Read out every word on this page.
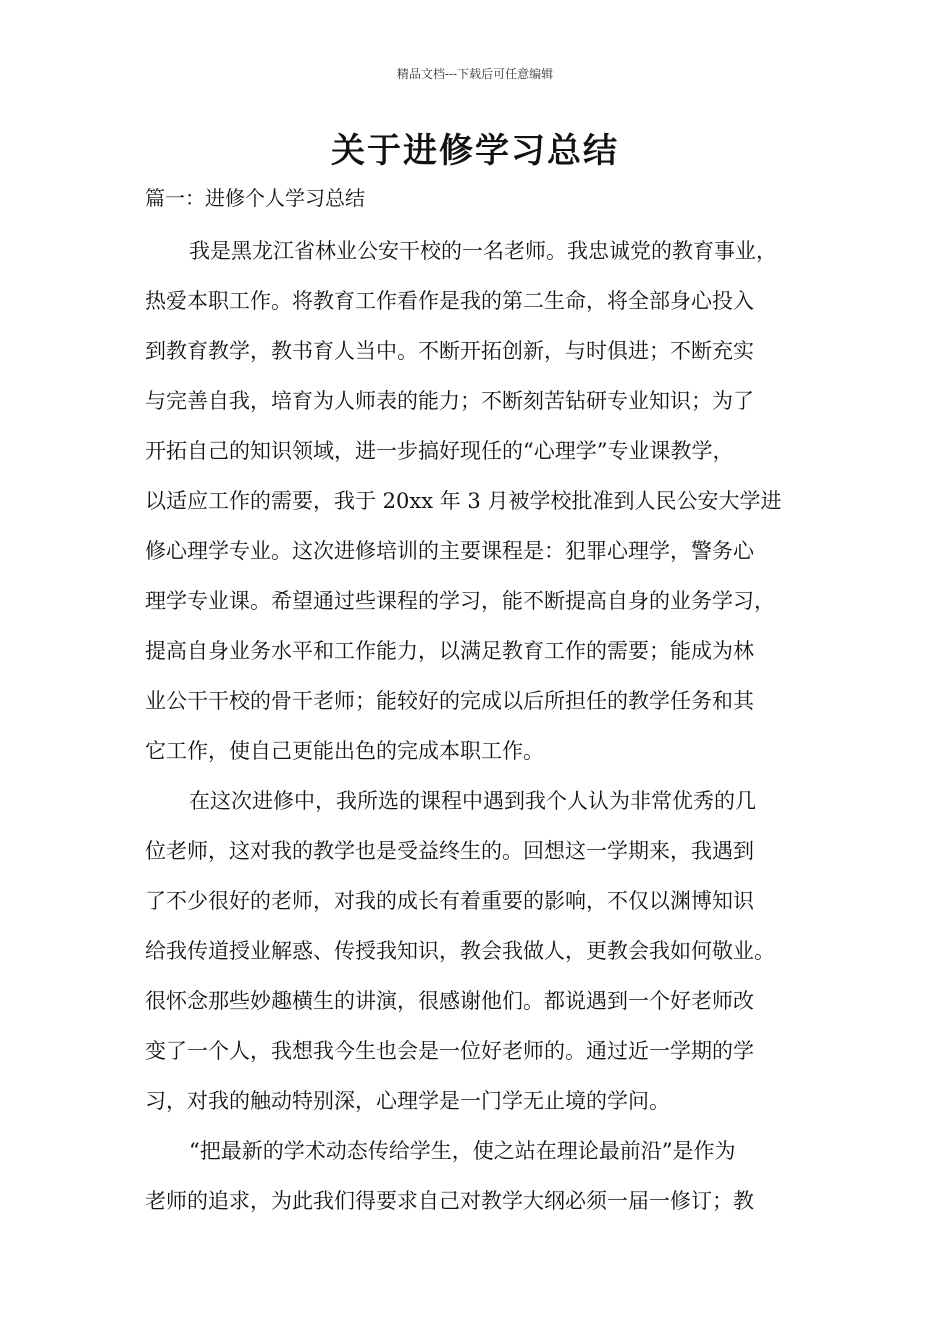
精品文档---下载后可任意编辑
关于进修学习总结
篇一：进修个人学习总结
我是黑龙江省林业公安干校的一名老师。我忠诚党的教育事业，
热爱本职工作。将教育工作看作是我的第二生命，将全部身心投入
到教育教学，教书育人当中。不断开拓创新，与时俱进；不断充实
与完善自我，培育为人师表的能力；不断刻苦钻研专业知识；为了
开拓自己的知识领域，进一步搞好现任的“心理学”专业课教学，
以适应工作的需要，我于 20xx 年 3 月被学校批准到人民公安大学进
修心理学专业。这次进修培训的主要课程是：犯罪心理学，警务心
理学专业课。希望通过些课程的学习，能不断提高自身的业务学习，
提高自身业务水平和工作能力，以满足教育工作的需要；能成为林
业公干干校的骨干老师；能较好的完成以后所担任的教学任务和其
它工作，使自己更能出色的完成本职工作。
在这次进修中，我所选的课程中遇到我个人认为非常优秀的几
位老师，这对我的教学也是受益终生的。回想这一学期来，我遇到
了不少很好的老师，对我的成长有着重要的影响，不仅以渊博知识
给我传道授业解惑、传授我知识，教会我做人，更教会我如何敬业。
很怀念那些妙趣横生的讲演，很感谢他们。都说遇到一个好老师改
变了一个人，我想我今生也会是一位好老师的。通过近一学期的学
习，对我的触动特别深，心理学是一门学无止境的学问。
“把最新的学术动态传给学生，使之站在理论最前沿”是作为
老师的追求，为此我们得要求自己对教学大纲必须一届一修订；教
